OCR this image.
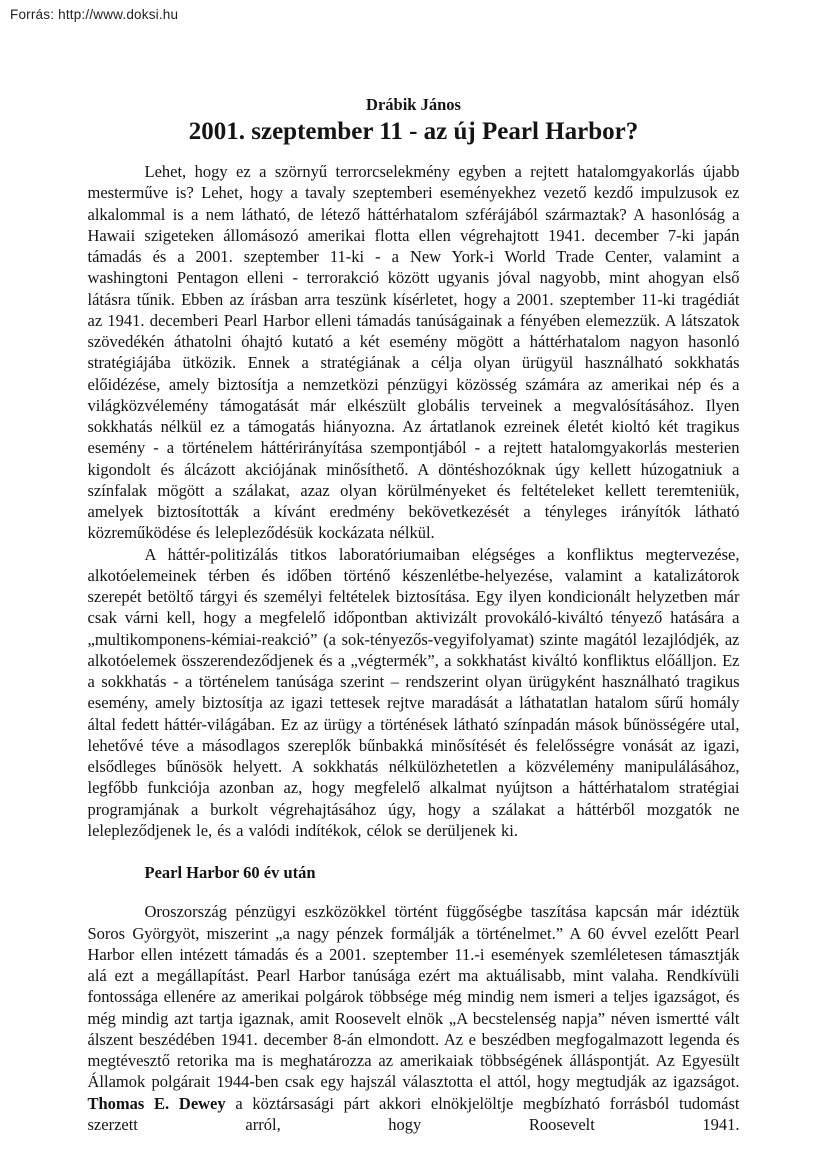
Forrás: http://www.doksi.hu

Drábik János

2001. szeptember 11 - az új Pearl Harbor?

Lehet, hogy ez a szörnyű terrorcselekmény egyben a rejtett hatalomgyakorlás újabb mesterműve is? Lehet, hogy a tavaly szeptemberi eseményekhez vezető kezdő impulzusok ez alkalommal is a nem látható, de létező háttérhatalom szférájából származtak? A hasonlóság a Hawaii szigeteken állomásozó amerikai flotta ellen végrehajtott 1941. december 7-ki japán támadás és a 2001. szeptember 11-ki - a New York-i World Trade Center, valamint a washingtoni Pentagon elleni - terrorakció között ugyanis jóval nagyobb, mint ahogyan első látásra tűnik. Ebben az írásban arra teszünk kísérletet, hogy a 2001. szeptember 11-ki tragédiát az 1941. decemberi Pearl Harbor elleni támadás tanúságainak a fényében elemezzük. A látszatok szövedékén áthatolni óhajtó kutató a két esemény mögött a háttérhatalom nagyon hasonló stratégiájába ütközik. Ennek a stratégiának a célja olyan ürügyül használható sokkhatás előidézése, amely biztosítja a nemzetközi pénzügyi közösség számára az amerikai nép és a világközvélemény támogatását már elkészült globális terveinek a megvalósításához. Ilyen sokkhatás nélkül ez a támogatás hiányozna. Az ártatlanok ezreinek életét kioltó két tragikus esemény - a történelem háttérirányítása szempontjából - a rejtett hatalomgyakorlás mesterien kigondolt és álcázott akciójának minősíthető. A döntéshozóknak úgy kellett húzogatniuk a színfalak mögött a szálakat, azaz olyan körülményeket és feltételeket kellett teremteniük, amelyek biztosították a kívánt eredmény bekövetkezését a tényleges irányítók látható közreműködése és lelepleződésük kockázata nélkül.

A háttér-politizálás titkos laboratóriumaiban elégséges a konfliktus megtervezése, alkotóelemeinek térben és időben történő készenlétbe-helyezése, valamint a katalizátorok szerepét betöltő tárgyi és személyi feltételek biztosítása. Egy ilyen kondicionált helyzetben már csak várni kell, hogy a megfelelő időpontban aktivizált provokáló-kiváltó tényező hatására a „multikomponens-kémiai-reakció” (a sok-tényezős-vegyifolyamat) szinte magától lezajlódjék, az alkotóelemek összerendeződjenek és a „végtermék”, a sokkhatást kiváltó konfliktus előálljon. Ez a sokkhatás - a történelem tanúsága szerint – rendszerint olyan ürügyként használható tragikus esemény, amely biztosítja az igazi tettesek rejtve maradását a láthatatlan hatalom sűrű homály által fedett háttér-világában. Ez az ürügy a történések látható színpadán mások bűnösségére utal, lehetővé téve a másodlagos szereplők bűnbakká minősítését és felelősségre vonását az igazi, elsődleges bűnösök helyett. A sokkhatás nélkülözhetetlen a közvélemény manipulálásához, legfőbb funkciója azonban az, hogy megfelelő alkalmat nyújtson a háttérhatalom stratégiai programjának a burkolt végrehajtásához úgy, hogy a szálakat a háttérből mozgatók ne lelepleződjenek le, és a valódi indítékok, célok se derüljenek ki.

Pearl Harbor 60 év után

Oroszország pénzügyi eszközökkel történt függőségbe taszítása kapcsán már idéztük Soros Györgyöt, miszerint „a nagy pénzek formálják a történelmet.” A 60 évvel ezelőtt Pearl Harbor ellen intézett támadás és a 2001. szeptember 11.-i események szemléletesen támasztják alá ezt a megállapítást. Pearl Harbor tanúsága ezért ma aktuálisabb, mint valaha. Rendkívüli fontossága ellenére az amerikai polgárok többsége még mindig nem ismeri a teljes igazságot, és még mindig azt tartja igaznak, amit Roosevelt elnök „A becstelenség napja” néven ismertté vált álszent beszédében 1941. december 8-án elmondott. Az e beszédben megfogalmazott legenda és megtévesztő retorika ma is meghatározza az amerikaiak többségének álláspontját. Az Egyesült Államok polgárait 1944-ben csak egy hajszál választotta el attól, hogy megtudják az igazságot. Thomas E. Dewey a köztársasági párt akkori elnökjelöltje megbízható forrásból tudomást szerzett arról, hogy Roosevelt 1941.
